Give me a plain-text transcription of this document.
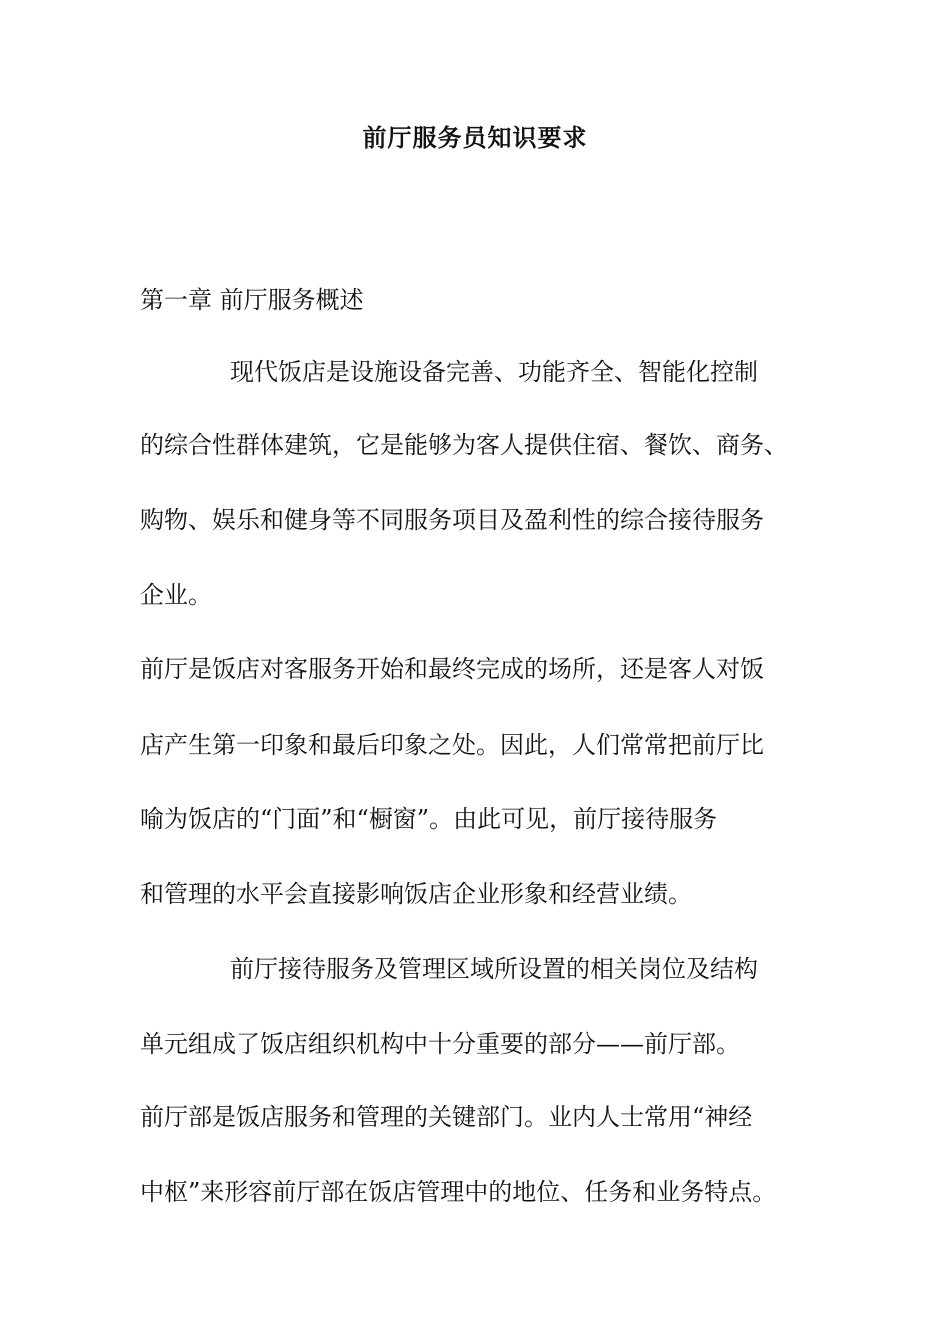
前厅服务员知识要求
第一章 前厅服务概述
现代饭店是设施设备完善、功能齐全、智能化控制
的综合性群体建筑，它是能够为客人提供住宿、餐饮、商务、
购物、娱乐和健身等不同服务项目及盈利性的综合接待服务
企业。
前厅是饭店对客服务开始和最终完成的场所，还是客人对饭
店产生第一印象和最后印象之处。因此，人们常常把前厅比
喻为饭店的“门面”和“橱窗”。由此可见，前厅接待服务
和管理的水平会直接影响饭店企业形象和经营业绩。
前厅接待服务及管理区域所设置的相关岗位及结构
单元组成了饭店组织机构中十分重要的部分——前厅部。
前厅部是饭店服务和管理的关键部门。业内人士常用“神经
中枢”来形容前厅部在饭店管理中的地位、任务和业务特点。
